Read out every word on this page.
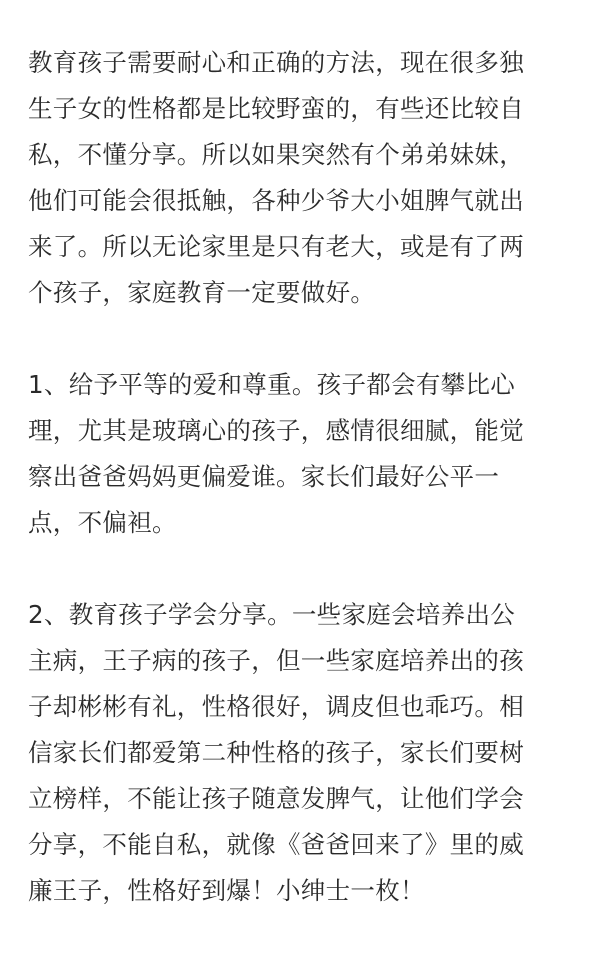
教育孩子需要耐心和正确的方法，现在很多独
生子女的性格都是比较野蛮的，有些还比较自
私，不懂分享。所以如果突然有个弟弟妹妹，
他们可能会很抵触，各种少爷大小姐脾气就出
来了。所以无论家里是只有老大，或是有了两
个孩子，家庭教育一定要做好。

1、给予平等的爱和尊重。孩子都会有攀比心
理，尤其是玻璃心的孩子，感情很细腻，能觉
察出爸爸妈妈更偏爱谁。家长们最好公平一
点，不偏袒。

2、教育孩子学会分享。一些家庭会培养出公
主病，王子病的孩子，但一些家庭培养出的孩
子却彬彬有礼，性格很好，调皮但也乖巧。相
信家长们都爱第二种性格的孩子，家长们要树
立榜样，不能让孩子随意发脾气，让他们学会
分享，不能自私，就像《爸爸回来了》里的威
廉王子，性格好到爆！小绅士一枚！
